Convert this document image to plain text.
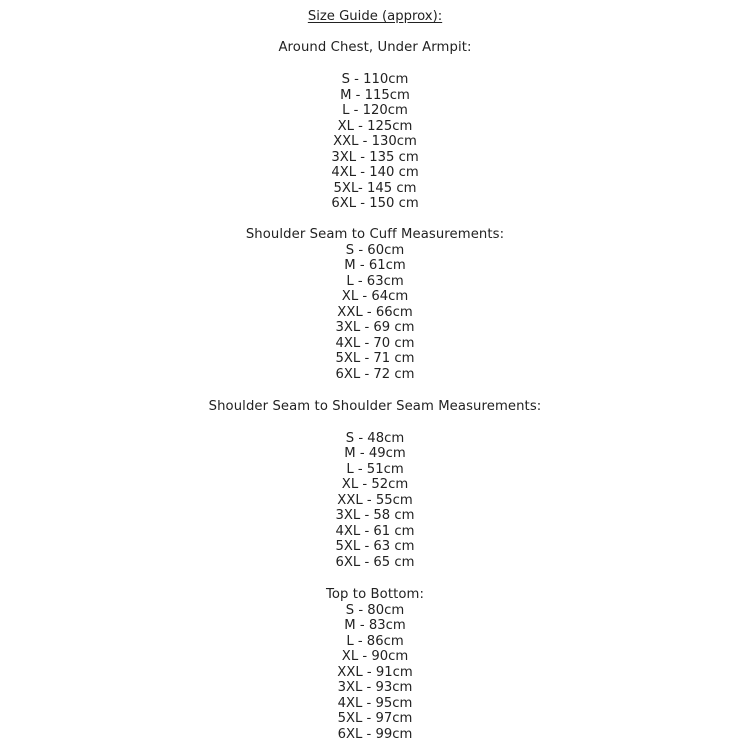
Size Guide (approx):
Around Chest, Under Armpit:
S - 110cm
M - 115cm
L - 120cm
XL - 125cm
XXL - 130cm
3XL - 135 cm
4XL - 140 cm
5XL- 145 cm
6XL - 150 cm
Shoulder Seam to Cuff Measurements:
S - 60cm
M - 61cm
L - 63cm
XL - 64cm
XXL - 66cm
3XL - 69 cm
4XL - 70 cm
5XL - 71 cm
6XL - 72 cm
Shoulder Seam to Shoulder Seam Measurements:
S - 48cm
M - 49cm
L - 51cm
XL - 52cm
XXL - 55cm
3XL - 58 cm
4XL - 61 cm
5XL - 63 cm
6XL - 65 cm
Top to Bottom:
S - 80cm
M - 83cm
L - 86cm
XL - 90cm
XXL - 91cm
3XL - 93cm
4XL - 95cm
5XL - 97cm
6XL - 99cm
